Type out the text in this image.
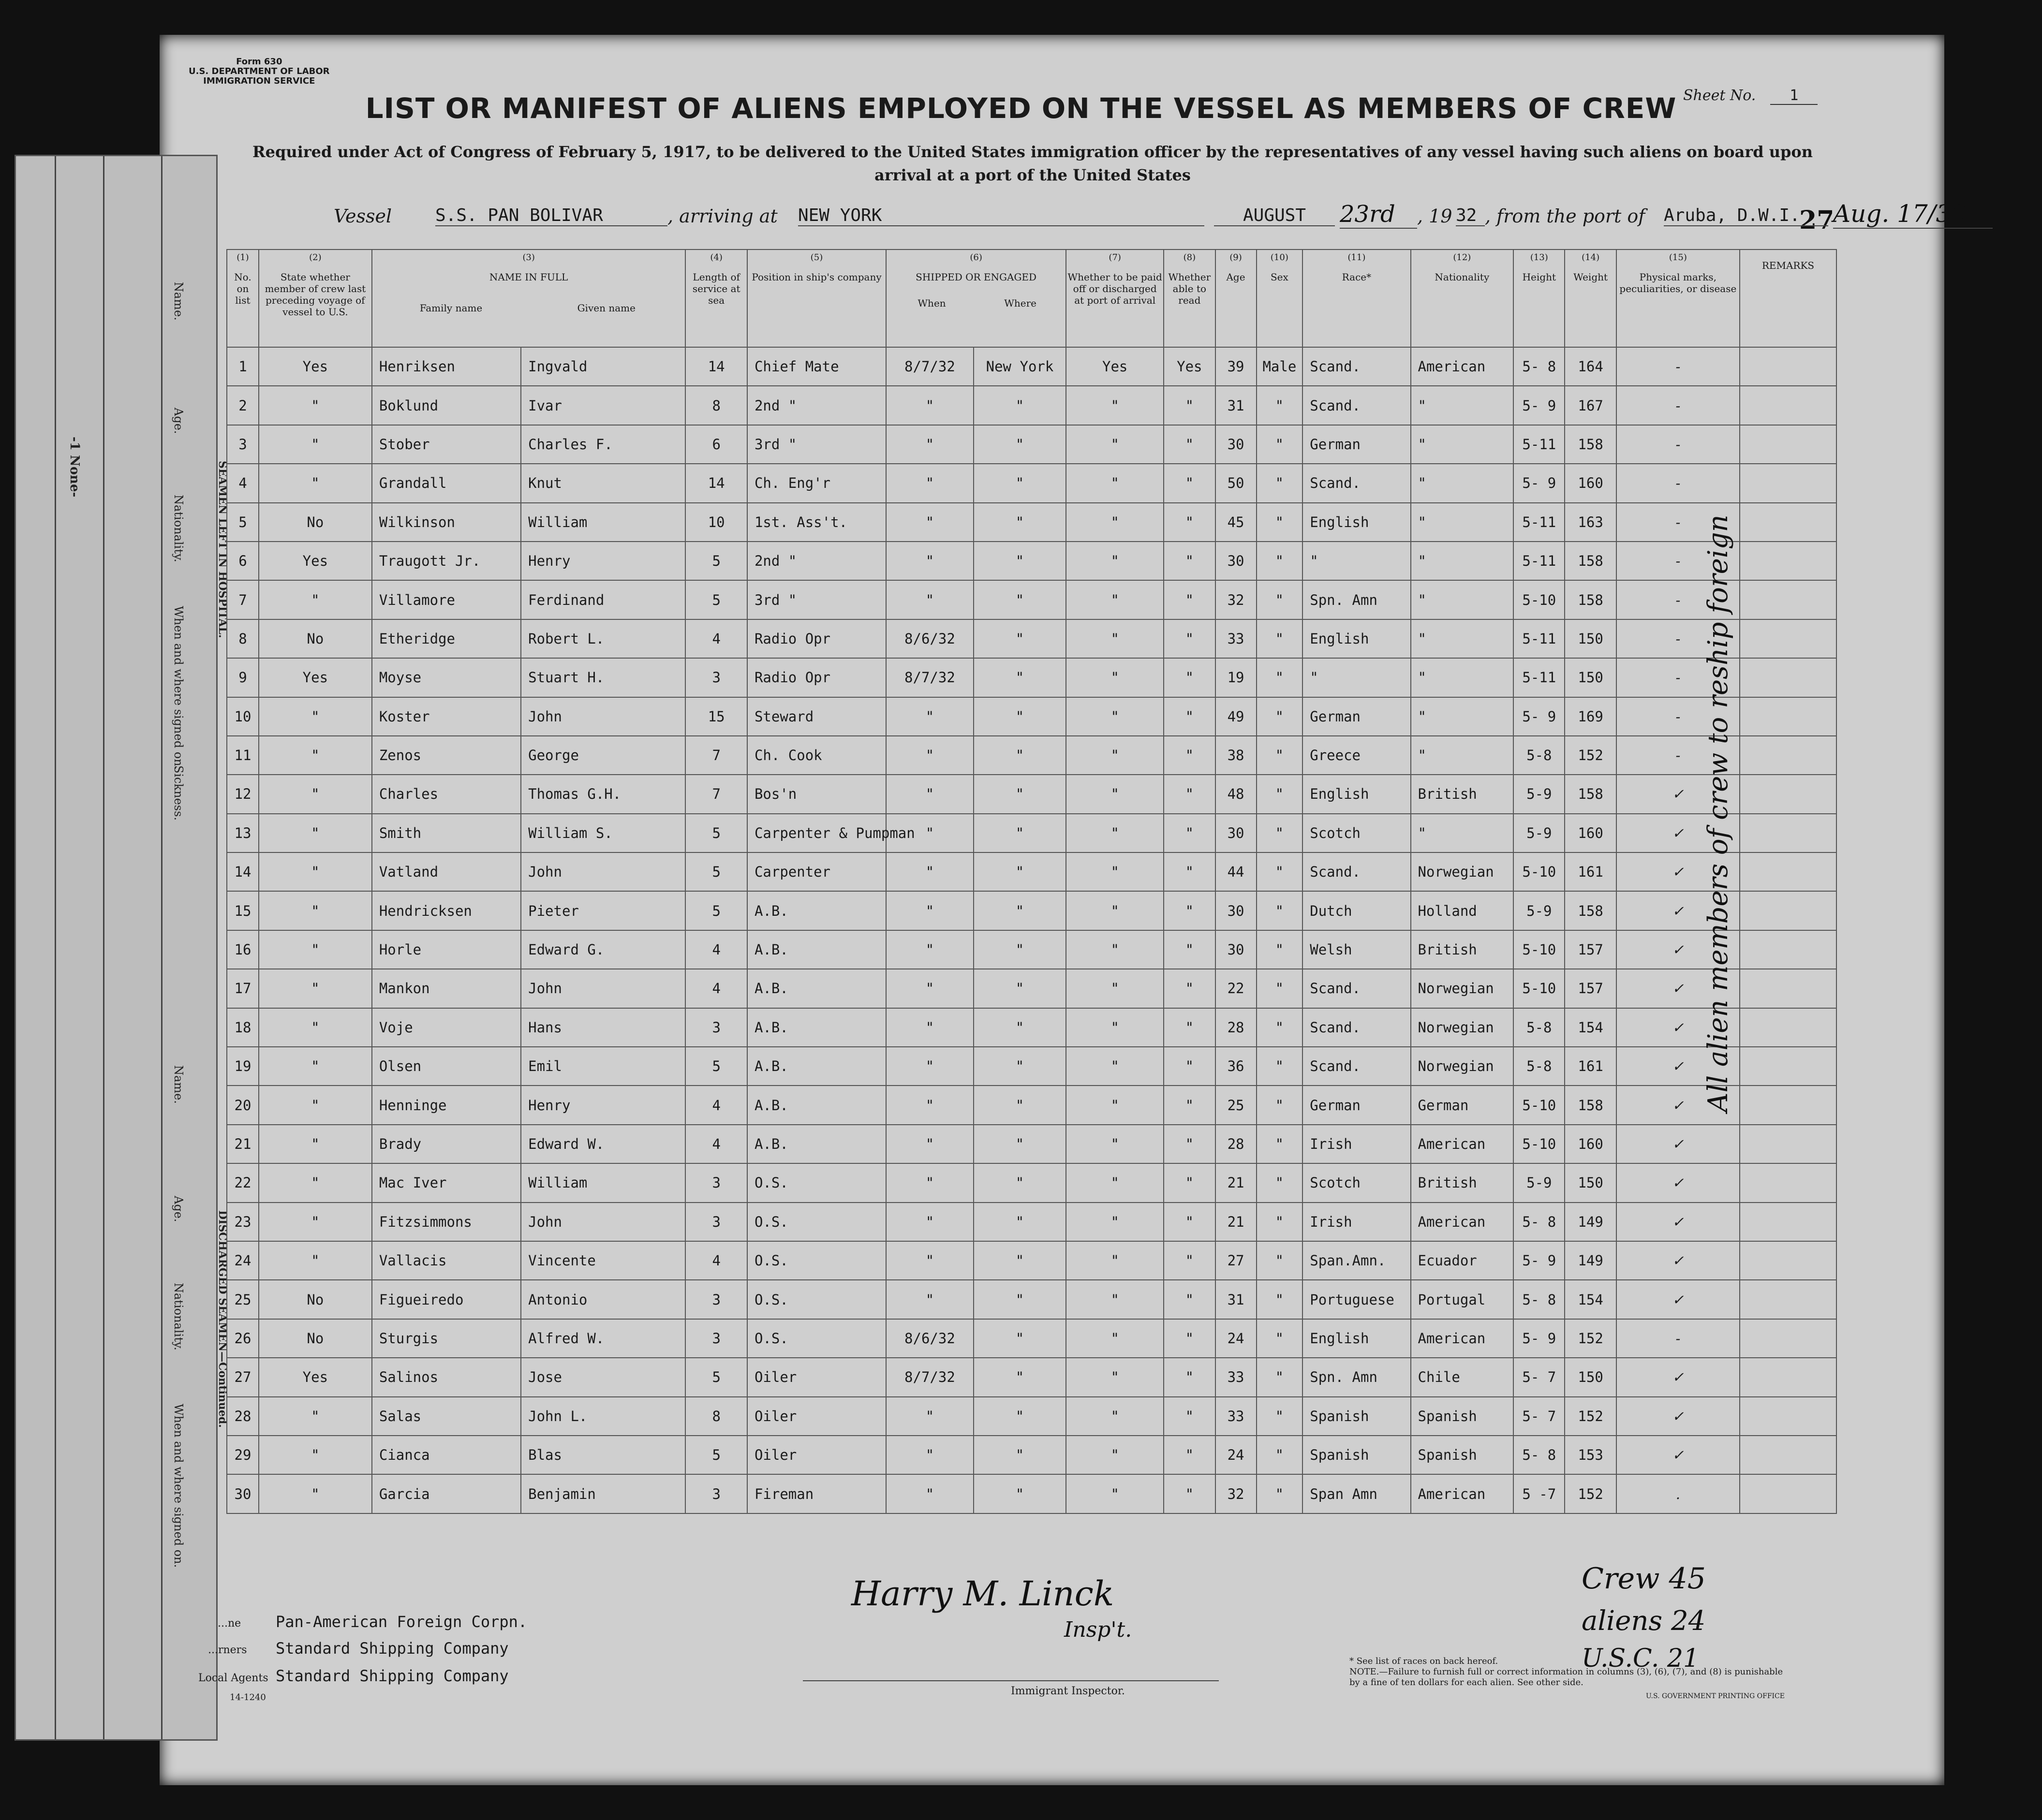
Name.
Age.
Nationality.
When and where signed on.
Sickness.
Name.
Age.
Nationality.
When and where signed on.
-1 None-	SEAMEN LEFT IN HOSPITAL.
DISCHARGED SEAMEN—Continued.
Form 630
U.S. DEPARTMENT OF LABOR
IMMIGRATION SERVICE
Sheet No. 1
27
LIST OR MANIFEST OF ALIENS EMPLOYED ON THE VESSEL AS MEMBERS OF CREW
Required under Act of Congress of February 5, 1917, to be delivered to the United States immigration officer by the representatives of any vessel having such aliens on board upon arrival at a port of the United States
Vessel S.S. PAN BOLIVAR	, arriving at NEW YORK	AUGUST	23rd	, 19 32 , from the port of Aruba, D.W.I.	Aug. 17/32
(1)
No. on list	(2)
State whether member of crew last preceding voyage of vessel to U.S.	(3)
NAME IN FULL
Family name Given name		(4)
Length of service at sea	(5)
Position in ship's company	(6)
SHIPPED OR ENGAGED
When Where		(7)
Whether to be paid off or discharged at port of arrival	(8)
Whether able to read	(9)
Age	(10)
Sex	(11)
Race*	(12)
Nationality	(13)
Height	(14)
Weight	(15)
Physical marks, peculiarities, or disease	REMARKS
1	Yes	Henriksen	Ingvald	14	Chief Mate	8/7/32	New York	Yes	Yes	39	Male	Scand.	American	5- 8	164	-	
2	"	Boklund	Ivar	8	2nd "	"	"	"	"	31	"	Scand.	"	5- 9	167	-	
3	"	Stober	Charles F.	6	3rd "	"	"	"	"	30	"	German	"	5-11	158	-	
4	"	Grandall	Knut	14	Ch. Eng'r	"	"	"	"	50	"	Scand.	"	5- 9	160	-	
5	No	Wilkinson	William	10	1st. Ass't.	"	"	"	"	45	"	English	"	5-11	163	-	
6	Yes	Traugott Jr.	Henry	5	2nd "	"	"	"	"	30	"	"	"	5-11	158	-	
7	"	Villamore	Ferdinand	5	3rd "	"	"	"	"	32	"	Spn. Amn	"	5-10	158	-	
8	No	Etheridge	Robert L.	4	Radio Opr	8/6/32	"	"	"	33	"	English	"	5-11	150	-	
9	Yes	Moyse	Stuart H.	3	Radio Opr	8/7/32	"	"	"	19	"	"	"	5-11	150	-	
10	"	Koster	John	15	Steward	"	"	"	"	49	"	German	"	5- 9	169	-	
11	"	Zenos	George	7	Ch. Cook	"	"	"	"	38	"	Greece	"	5-8	152	-	
12	"	Charles	Thomas G.H.	7	Bos'n	"	"	"	"	48	"	English	British	5-9	158	✓	
13	"	Smith	William S.	5	Carpenter & Pumpman	"	"	"	"	30	"	Scotch	"	5-9	160	✓	
14	"	Vatland	John	5	Carpenter	"	"	"	"	44	"	Scand.	Norwegian	5-10	161	✓	
15	"	Hendricksen	Pieter	5	A.B.	"	"	"	"	30	"	Dutch	Holland	5-9	158	✓	
16	"	Horle	Edward G.	4	A.B.	"	"	"	"	30	"	Welsh	British	5-10	157	✓	
17	"	Mankon	John	4	A.B.	"	"	"	"	22	"	Scand.	Norwegian	5-10	157	✓	
18	"	Voje	Hans	3	A.B.	"	"	"	"	28	"	Scand.	Norwegian	5-8	154	✓	
19	"	Olsen	Emil	5	A.B.	"	"	"	"	36	"	Scand.	Norwegian	5-8	161	✓	
20	"	Henninge	Henry	4	A.B.	"	"	"	"	25	"	German	German	5-10	158	✓	
21	"	Brady	Edward W.	4	A.B.	"	"	"	"	28	"	Irish	American	5-10	160	✓	
22	"	Mac Iver	William	3	O.S.	"	"	"	"	21	"	Scotch	British	5-9	150	✓	
23	"	Fitzsimmons	John	3	O.S.	"	"	"	"	21	"	Irish	American	5- 8	149	✓	
24	"	Vallacis	Vincente	4	O.S.	"	"	"	"	27	"	Span.Amn.	Ecuador	5- 9	149	✓	
25	No	Figueiredo	Antonio	3	O.S.	"	"	"	"	31	"	Portuguese	Portugal	5- 8	154	✓	
26	No	Sturgis	Alfred W.	3	O.S.	8/6/32	"	"	"	24	"	English	American	5- 9	152	-	
27	Yes	Salinos	Jose	5	Oiler	8/7/32	"	"	"	33	"	Spn. Amn	Chile	5- 7	150	✓	
28	"	Salas	John L.	8	Oiler	"	"	"	"	33	"	Spanish	Spanish	5- 7	152	✓	
29	"	Cianca	Blas	5	Oiler	"	"	"	"	24	"	Spanish	Spanish	5- 8	153	✓	
30	"	Garcia	Benjamin	3	Fireman	"	"	"	"	32	"	Span Amn	American	5 -7	152	.	
All alien members of crew to reship foreign
...ne Pan-American Foreign Corpn.
...rners Standard Shipping Company
Local Agents Standard Shipping Company
14-1240
Harry M. Linck
Insp't.
Immigrant Inspector.
Crew 45
aliens 24
U.S.C. 21
* See list of races on back hereof.
NOTE.—Failure to furnish full or correct information in columns (3), (6), (7), and (8) is punishable by a fine of ten dollars for each alien. See other side.
U.S. GOVERNMENT PRINTING OFFICE
